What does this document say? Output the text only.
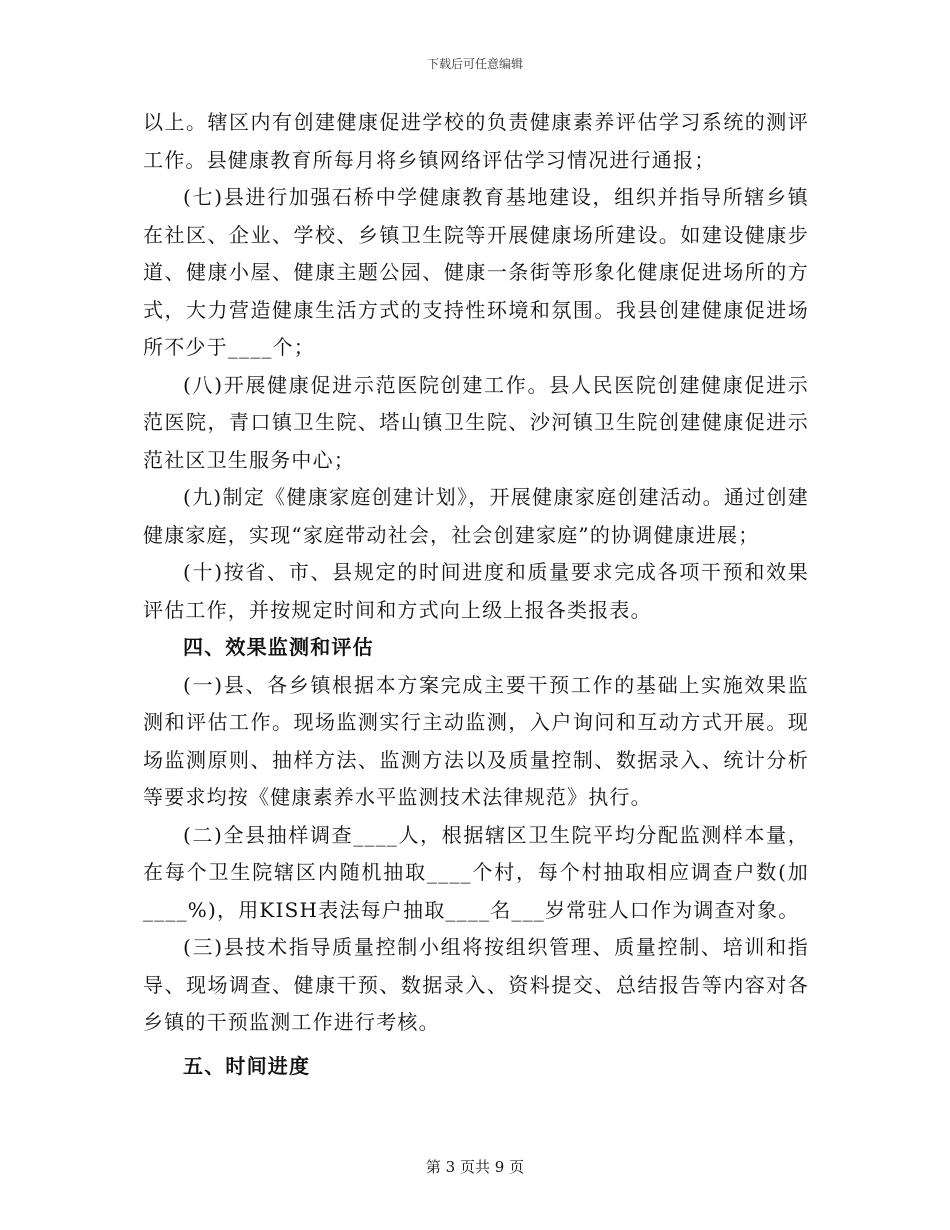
下载后可任意编辑

以上。辖区内有创建健康促进学校的负责健康素养评估学习系统的测评工作。县健康教育所每月将乡镇网络评估学习情况进行通报；

(七)县进行加强石桥中学健康教育基地建设，组织并指导所辖乡镇在社区、企业、学校、乡镇卫生院等开展健康场所建设。如建设健康步道、健康小屋、健康主题公园、健康一条街等形象化健康促进场所的方式，大力营造健康生活方式的支持性环境和氛围。我县创建健康促进场所不少于____个；

(八)开展健康促进示范医院创建工作。县人民医院创建健康促进示范医院，青口镇卫生院、塔山镇卫生院、沙河镇卫生院创建健康促进示范社区卫生服务中心；

(九)制定《健康家庭创建计划》，开展健康家庭创建活动。通过创建健康家庭，实现“家庭带动社会，社会创建家庭”的协调健康进展；

(十)按省、市、县规定的时间进度和质量要求完成各项干预和效果评估工作，并按规定时间和方式向上级上报各类报表。

四、效果监测和评估

(一)县、各乡镇根据本方案完成主要干预工作的基础上实施效果监测和评估工作。现场监测实行主动监测，入户询问和互动方式开展。现场监测原则、抽样方法、监测方法以及质量控制、数据录入、统计分析等要求均按《健康素养水平监测技术法律规范》执行。

(二)全县抽样调查____人，根据辖区卫生院平均分配监测样本量，在每个卫生院辖区内随机抽取____个村，每个村抽取相应调查户数(加____%)，用KISH表法每户抽取____名___岁常驻人口作为调查对象。

(三)县技术指导质量控制小组将按组织管理、质量控制、培训和指导、现场调查、健康干预、数据录入、资料提交、总结报告等内容对各乡镇的干预监测工作进行考核。

五、时间进度

第 3 页共 9 页
